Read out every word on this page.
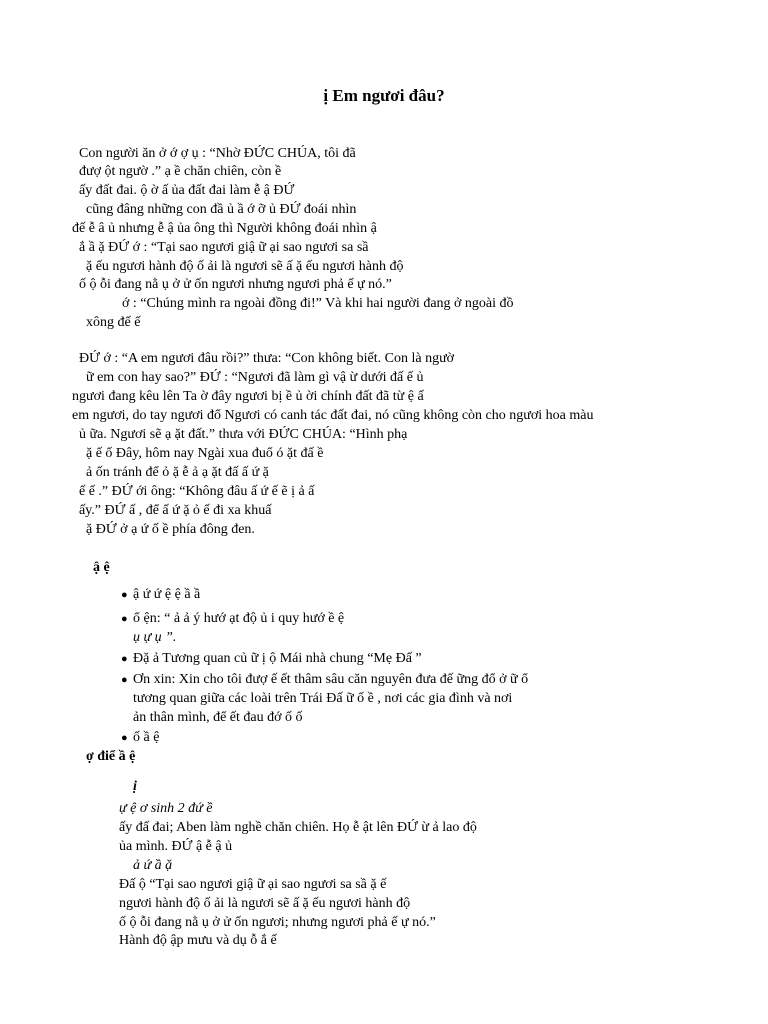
ị Em ngươi đâu?
Con người ăn ở ớ ợ ụ : “Nhờ ĐỨC CHÚA, tôi đã
đượ ột ngườ .” ạ ề chăn chiên, còn ề
ấy đất đai. ộ ờ ấ ủa đất đai làm ễ ậ ĐỨ
cũng đâng những con đầ ủ ầ ớ ỡ ủ ĐỨ đoái nhìn
đế ễ â ủ nhưng ễ ậ ủa ông thì Người không đoái nhìn ậ
ắ ầ ặ ĐỨ ớ : “Tại sao ngươi giậ ữ ại sao ngươi sa sầ
ặ ếu ngươi hành độ ố ải là ngươi sẽ ấ ặ ếu ngươi hành độ
ố ộ ỗi đang nằ ụ ở ử ốn ngươi nhưng ngươi phả ế ự nó.”
ớ : “Chúng mình ra ngoài đồng đi!” Và khi hai người đang ở ngoài đồ
xông đế ế
ĐỨ ớ : “A em ngươi đâu rồi?” thưa: “Con không biết. Con là ngườ
ữ em con hay sao?” ĐỨ : “Ngươi đã làm gì vậ ừ dưới đấ ế ủ
ngươi đang kêu lên Ta ờ đây ngươi bị ề ủ ời chính đất đã từ ệ ấ
em ngươi, do tay ngươi đổ Ngươi có canh tác đất đai, nó cũng không còn cho ngươi hoa màu
ủ ữa. Ngươi sẽ ạ ặt đất.” thưa với ĐỨC CHÚA: “Hình phạ
ặ ế ố Đây, hôm nay Ngài xua đuổ ó ặt đấ ề
ả ốn tránh để ỏ ặ ễ ả ạ ặt đấ ấ ứ ặ
ế ế .” ĐỨ ới ông: “Không đâu ấ ứ ế ẽ ị ả ấ
ấy.” ĐỨ ấ , để ấ ứ ặ ỏ ế đi xa khuấ
ặ ĐỨ ở ạ ứ ố ề phía đông đen.
ậ ệ
● ậ ứ ứ ệ ệ ầ ầ
● ổ ện: “ ả ả ý hướ ạt độ ủ i quy hướ ề ệ
ụ ự ụ ”.
● Đặ ả Tương quan củ ữ ị ộ Mái nhà chung “Mẹ Đấ ”
● Ơn xin: Xin cho tôi đượ ế ết thâm sâu căn nguyên đưa đế ững đổ ở ữ ổ
tương quan giữa các loài trên Trái Đấ ữ ố ề , nơi các gia đình và nơi
ản thân mình, để ết đau đớ ố ố
● ố ầ ệ
ợ điể ầ ệ
ị
ự ệ ơ sinh 2 đứ ề
ấy đấ đai; Aben làm nghề chăn chiên. Họ ễ ật lên ĐỨ ừ ả lao độ
ủa mình. ĐỨ ậ ễ ậ ủ
ả ứ ầ ặ
Đấ ộ “Tại sao ngươi giậ ữ ại sao ngươi sa sầ ặ ế
ngươi hành độ ố ải là ngươi sẽ ấ ặ ếu ngươi hành độ
ố ộ ỗi đang nằ ụ ở ử ốn ngươi; nhưng ngươi phả ế ự nó.”
Hành độ ập mưu và dụ ỗ ắ ế
